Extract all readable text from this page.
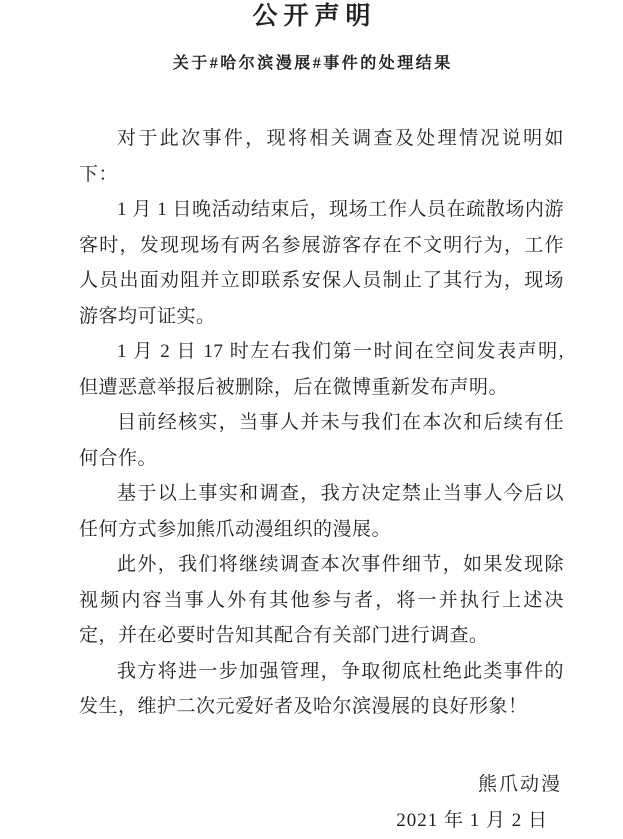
公开声明
关于#哈尔滨漫展#事件的处理结果

对于此次事件，现将相关调查及处理情况说明如下：

1 月 1 日晚活动结束后，现场工作人员在疏散场内游客时，发现现场有两名参展游客存在不文明行为，工作人员出面劝阻并立即联系安保人员制止了其行为，现场游客均可证实。

1 月 2 日 17 时左右我们第一时间在空间发表声明, 但遭恶意举报后被删除，后在微博重新发布声明。

目前经核实，当事人并未与我们在本次和后续有任何合作。

基于以上事实和调查，我方决定禁止当事人今后以任何方式参加熊爪动漫组织的漫展。

此外，我们将继续调查本次事件细节，如果发现除视频内容当事人外有其他参与者，将一并执行上述决定，并在必要时告知其配合有关部门进行调查。

我方将进一步加强管理，争取彻底杜绝此类事件的发生，维护二次元爱好者及哈尔滨漫展的良好形象！

熊爪动漫
2021 年 1 月 2 日
